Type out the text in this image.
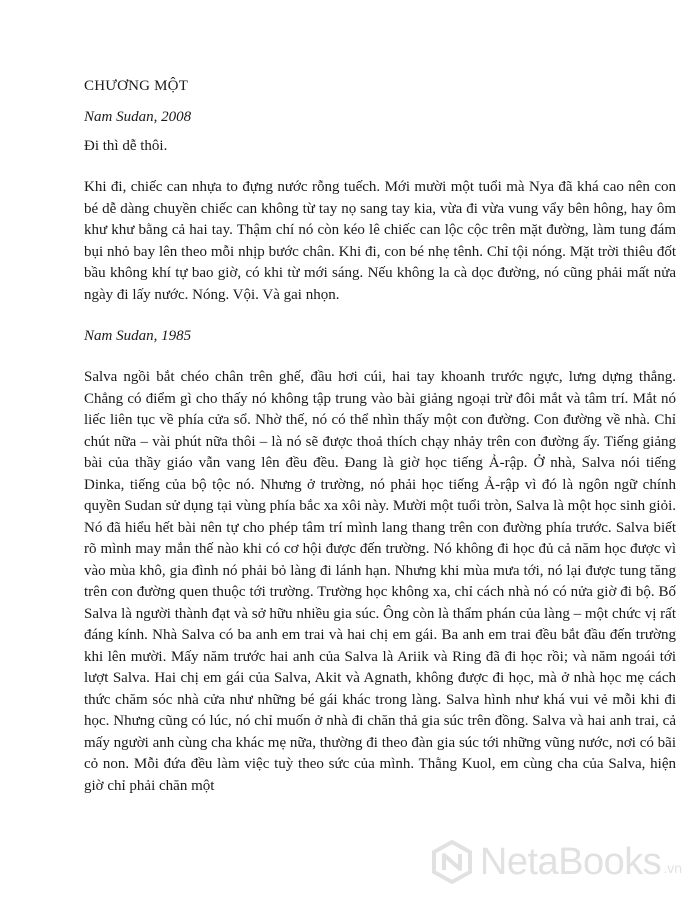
CHƯƠNG MỘT

Nam Sudan, 2008

Đi thì dễ thôi.

Khi đi, chiếc can nhựa to đựng nước rỗng tuếch. Mới mười một tuổi mà Nya đã khá cao nên con bé dễ dàng chuyền chiếc can không từ tay nọ sang tay kia, vừa đi vừa vung vẩy bên hông, hay ôm khư khư bằng cả hai tay. Thậm chí nó còn kéo lê chiếc can lộc cộc trên mặt đường, làm tung đám bụi nhỏ bay lên theo mỗi nhịp bước chân. Khi đi, con bé nhẹ tênh. Chỉ tội nóng. Mặt trời thiêu đốt bầu không khí tự bao giờ, có khi từ mới sáng. Nếu không la cà dọc đường, nó cũng phải mất nửa ngày đi lấy nước. Nóng. Vội. Và gai nhọn.

Nam Sudan, 1985

Salva ngồi bắt chéo chân trên ghế, đầu hơi cúi, hai tay khoanh trước ngực, lưng dựng thẳng. Chẳng có điểm gì cho thấy nó không tập trung vào bài giảng ngoại trừ đôi mắt và tâm trí. Mắt nó liếc liên tục về phía cửa sổ. Nhờ thế, nó có thể nhìn thấy một con đường. Con đường về nhà. Chỉ chút nữa – vài phút nữa thôi – là nó sẽ được thoả thích chạy nhảy trên con đường ấy. Tiếng giảng bài của thầy giáo vẫn vang lên đều đều. Đang là giờ học tiếng Ả-rập. Ở nhà, Salva nói tiếng Dinka, tiếng của bộ tộc nó. Nhưng ở trường, nó phải học tiếng Ả-rập vì đó là ngôn ngữ chính quyền Sudan sử dụng tại vùng phía bắc xa xôi này. Mười một tuổi tròn, Salva là một học sinh giỏi. Nó đã hiểu hết bài nên tự cho phép tâm trí mình lang thang trên con đường phía trước. Salva biết rõ mình may mắn thế nào khi có cơ hội được đến trường. Nó không đi học đủ cả năm học được vì vào mùa khô, gia đình nó phải bỏ làng đi lánh hạn. Nhưng khi mùa mưa tới, nó lại được tung tăng trên con đường quen thuộc tới trường. Trường học không xa, chỉ cách nhà nó có nửa giờ đi bộ. Bố Salva là người thành đạt và sở hữu nhiều gia súc. Ông còn là thẩm phán của làng – một chức vị rất đáng kính. Nhà Salva có ba anh em trai và hai chị em gái. Ba anh em trai đều bắt đầu đến trường khi lên mười. Mấy năm trước hai anh của Salva là Ariik và Ring đã đi học rồi; và năm ngoái tới lượt Salva. Hai chị em gái của Salva, Akit và Agnath, không được đi học, mà ở nhà học mẹ cách thức chăm sóc nhà cửa như những bé gái khác trong làng. Salva hình như khá vui vẻ mỗi khi đi học. Nhưng cũng có lúc, nó chỉ muốn ở nhà đi chăn thả gia súc trên đồng. Salva và hai anh trai, cả mấy người anh cùng cha khác mẹ nữa, thường đi theo đàn gia súc tới những vũng nước, nơi có bãi cỏ non. Mỗi đứa đều làm việc tuỳ theo sức của mình. Thằng Kuol, em cùng cha của Salva, hiện giờ chỉ phải chăn một

NetaBooks .vn
